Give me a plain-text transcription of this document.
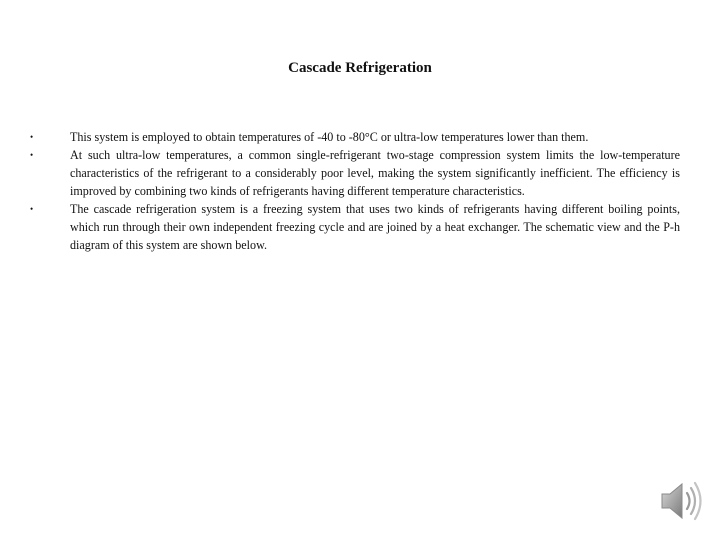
Cascade Refrigeration
•	This system is employed to obtain temperatures of -40 to -80°C or ultra-low temperatures lower than them.
•	At such ultra-low temperatures, a common single-refrigerant two-stage compression system limits the low-temperature characteristics of the refrigerant to a considerably poor level, making the system significantly inefficient. The efficiency is improved by combining two kinds of refrigerants having different temperature characteristics.
•	The cascade refrigeration system is a freezing system that uses two kinds of refrigerants having different boiling points, which run through their own independent freezing cycle and are joined by a heat exchanger. The schematic view and the P-h diagram of this system are shown below.
